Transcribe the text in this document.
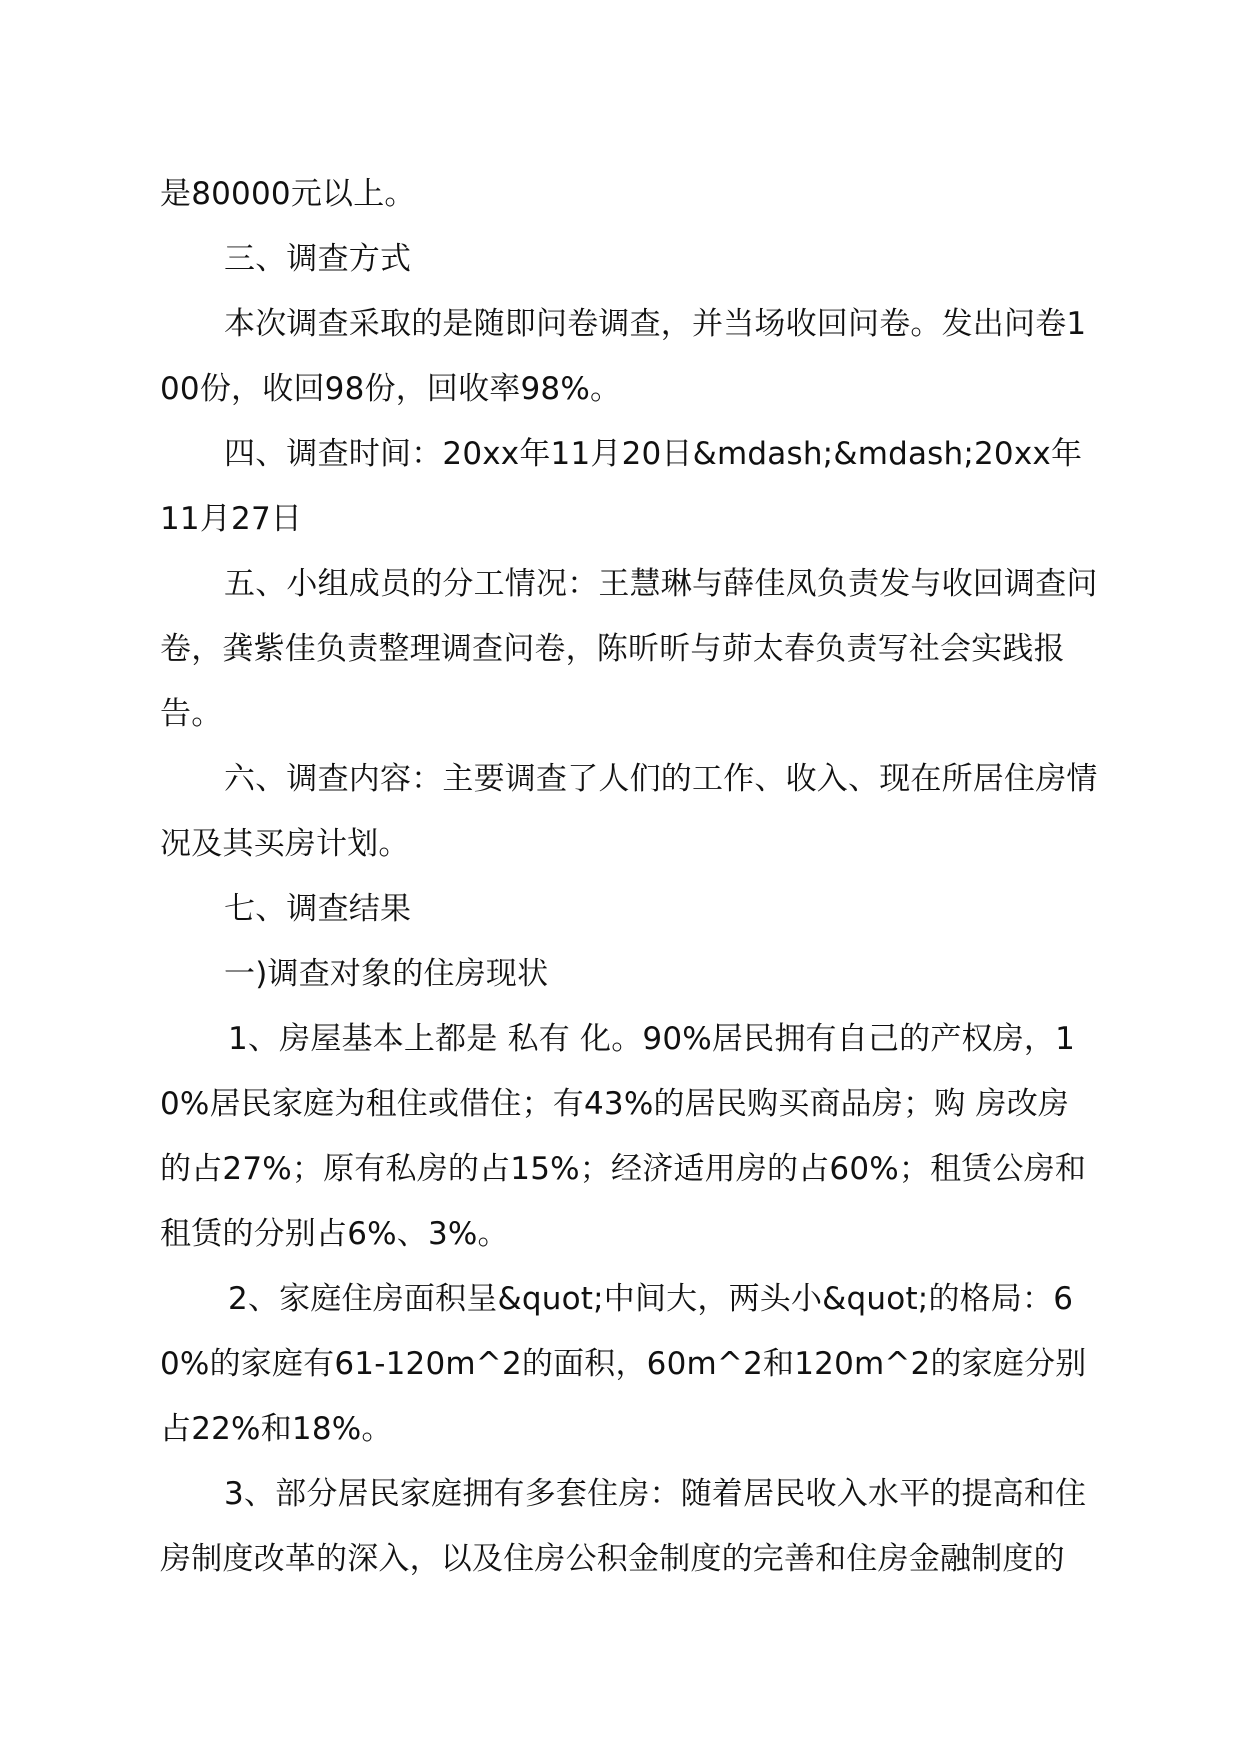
是80000元以上。

三、调查方式

本次调查采取的是随即问卷调查，并当场收回问卷。发出问卷100份，收回98份，回收率98%。

四、调查时间：20xx年11月20日&mdash;&mdash;20xx年11月27日

五、小组成员的分工情况：王慧琳与薛佳凤负责发与收回调查问卷，龚紫佳负责整理调查问卷，陈昕昕与茆太春负责写社会实践报告。

六、调查内容：主要调查了人们的工作、收入、现在所居住房情况及其买房计划。

七、调查结果

一)调查对象的住房现状

1、房屋基本上都是 私有 化。90%居民拥有自己的产权房，10%居民家庭为租住或借住；有43%的居民购买商品房；购 房改房的占27%；原有私房的占15%；经济适用房的占60%；租赁公房和租赁的分别占6%、3%。

2、家庭住房面积呈&quot;中间大，两头小&quot;的格局：60%的家庭有61-120m^2的面积，60m^2和120m^2的家庭分别占22%和18%。

3、部分居民家庭拥有多套住房：随着居民收入水平的提高和住房制度改革的深入，以及住房公积金制度的完善和住房金融制度的
